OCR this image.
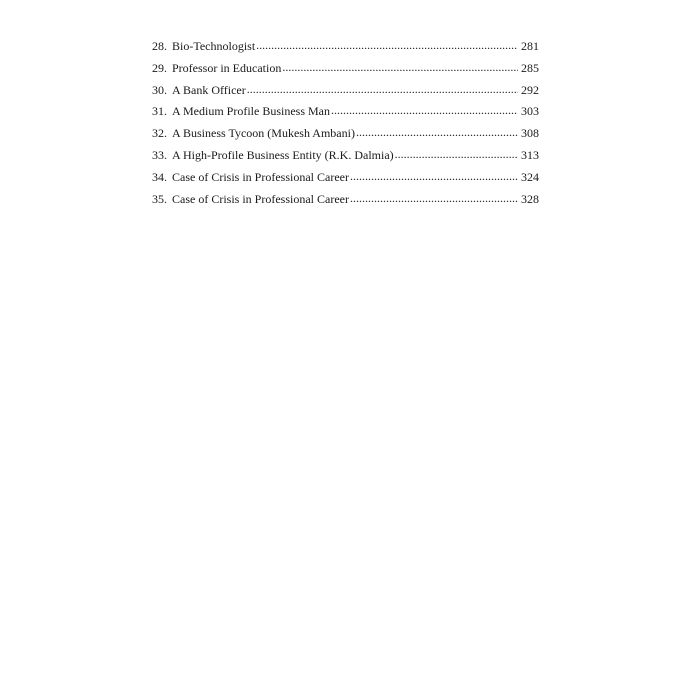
28. Bio-Technologist .....	281
29. Professor in Education .....	285
30. A Bank Officer .....	292
31. A Medium Profile Business Man .....	303
32. A Business Tycoon (Mukesh Ambani) .....	308
33. A High-Profile Business Entity (R.K. Dalmia) .....	313
34. Case of Crisis in Professional Career .....	324
35. Case of Crisis in Professional Career .....	328
